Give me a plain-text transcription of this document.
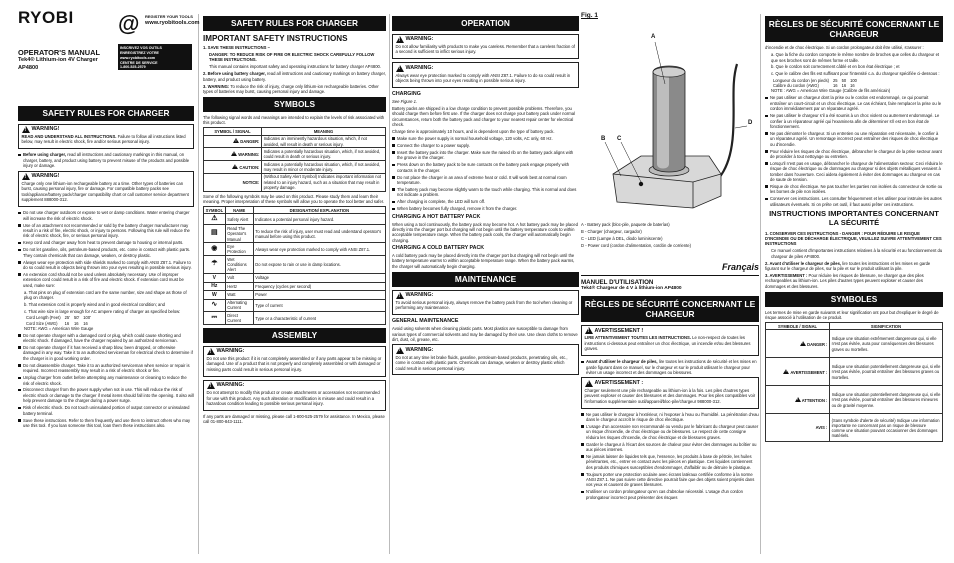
RYOBI
OPERATOR'S MANUAL
Tek4® Lithium-ion 4V Charger
AP4800
@ REGISTER YOUR TOOLS
www.ryobitools.com
INSCRIVEZ VOS OUTILS
ENREGISTREZ VOTRE
www.ryobitools.com
CENTRE DE SERVICE
1-800-525-2579
SAFETY RULES FOR CHARGER
!
WARNING!

READ AND UNDERSTAND ALL INSTRUCTIONS. Failure to follow all instructions listed below, may result in electric shock, fire and/or serious personal injury.

Before using charger, read all instructions and cautionary markings in this manual, on charger, battery, and product using battery to prevent misuse of the products and possible injury or damage.

!
WARNING!

Charge only one lithium-ion rechargeable battery at a time. Other types of batteries can burst, causing personal injury, fire or damage. For compatible battery packs see tool/appliance/battery pack/charger compatibility chart or call customer service department supplement 888000-312.

Do not use charger outdoors or expose to wet or damp conditions. Water entering charger will increase the risk of electric shock.

Use of an attachment not recommended or sold by the battery charger manufacturer may result in a risk of fire, electric shock, or injury to persons. Following this rule will reduce the risk of electric shock, fire, or serious personal injury.

Keep cord and charger away from heat to prevent damage to housing or internal parts.

Do not let gasoline, oils, petroleum-based products, etc. come in contact with plastic parts. They contain chemicals that can damage, weaken, or destroy plastic.

Always wear eye protection with side shields marked to comply with ANSI Z87.1. Failure to do so could result in objects being thrown into your eyes resulting in possible serious injury.

An extension cord should not be used unless absolutely necessary. Use of improper extension cord could result in a risk of fire and electric shock. If extension cord must be used, make sure:

a. That pins on plug of extension cord are the same number, size and shape as those of plug on charger.

b. That extension cord is properly wired and in good electrical condition; and

c. That wire size is large enough for AC ampere rating of charger as specified below:

Cord Length (Feet)	25'	50'	100'
Cord Size (AWG)	16	16	16

NOTE: AWG = American Wire Gauge

Do not operate charger with a damaged cord or plug, which could cause shorting and electric shock. If damaged, have the charger repaired by an authorized serviceman.

Do not operate charger if it has received a sharp blow, been dropped, or otherwise damaged in any way. Take it to an authorized serviceman for electrical check to determine if the charger is in good working order.

Do not disassemble charger. Take it to an authorized serviceman when service or repair is required. Incorrect reassembly may result in a risk of electric shock or fire.

Unplug charger from outlet before attempting any maintenance or cleaning to reduce the risk of electric shock.

Disconnect charger from the power supply when not in use. This will reduce the risk of electric shock or damage to the charger if metal items should fall into the opening. It also will help prevent damage to the charger during a power surge.

Risk of electric shock. Do not touch uninsulated portion of output connector or uninsulated battery terminal.

Save these instructions. Refer to them frequently and use them to instruct others who may use this tool. If you loan someone this tool, loan them these instructions also.

SAFETY RULES FOR CHARGER
IMPORTANT SAFETY INSTRUCTIONS

1. SAVE THESE INSTRUCTIONS –

DANGER: TO REDUCE RISK OF FIRE OR ELECTRIC SHOCK CAREFULLY FOLLOW THESE INSTRUCTIONS.

This manual contains important safety and operating instructions for battery charger AP4800.

2. Before using battery charger, read all instructions and cautionary markings on battery charger, battery, and product using battery.

3. WARNING: To reduce the risk of injury, charge only lithium-ion rechargeable batteries. Other types of batteries may burst, causing personal injury and damage.

SYMBOLS

The following signal words and meanings are intended to explain the levels of risk associated with this product.

SYMBOL / SIGNAL	MEANING
! DANGER:	Indicates an imminently hazardous situation, which, if not avoided, will result in death or serious injury.
! WARNING:	Indicates a potentially hazardous situation, which, if not avoided, could result in death or serious injury.
! CAUTION:	Indicates a potentially hazardous situation, which, if not avoided, may result in minor or moderate injury.
NOTICE:	(Without Safety Alert Symbol) Indicates important information not related to an injury hazard, such as a situation that may result in property damage.

Some of the following symbols may be used on this product. Please study them and learn their meaning. Proper interpretation of these symbols will allow you to operate the tool better and safer.

SYMBOL	NAME	DESIGNATION/ EXPLANATION
⚠	Safety Alert	Indicates a potential personal injury hazard.
▤	Read The Operator's Manual	To reduce the risk of injury, user must read and understand operator's manual before using this product.
◉	Eye Protection	Always wear eye protection marked to comply with ANSI Z87.1.
☂	Wet Conditions Alert	Do not expose to rain or use in damp locations.
V	Volt	Voltage
Hz	Hertz	Frequency (cycles per second)
W	Watt	Power
∿	Alternating Current	Type of current
⎓	Direct Current	Type or a characteristic of current
ASSEMBLY
!
WARNING:

Do not use this product if it is not completely assembled or if any parts appear to be missing or damaged. Use of a product that is not properly and completely assembled or with damaged or missing parts could result in serious personal injury.

!
WARNING:

Do not attempt to modify this product or create attachments or accessories not recommended for use with this product. Any such alteration or modification is misuse and could result in a hazardous condition leading to possible serious personal injury.

If any parts are damaged or missing, please call 1-800-525-2579 for assistance. In Mexico, please call 01-800-843-1111.

OPERATION
!
WARNING:

Do not allow familiarity with products to make you careless. Remember that a careless fraction of a second is sufficient to inflict serious injury.

!
WARNING:

Always wear eye protection marked to comply with ANSI Z87.1. Failure to do so could result in objects being thrown into your eyes resulting in possible serious injury.

CHARGING

See Figure 1.

Battery packs are shipped in a low charge condition to prevent possible problems. Therefore, you should charge them before first use. If the charger does not charge your battery pack under normal circumstances, return both the battery pack and charger to your nearest repair center for electrical check.

Charge time is approximately 10 hours, and is dependent upon the type of battery pack.

Make sure the power supply is normal household voltage, 120 volts, AC only, 60 Hz.

Connect the charger to a power supply.

Insert the battery pack into the charger. Make sure the raised rib on the battery pack aligns with the groove in the charger.

Press down on the battery pack to be sure contacts on the battery pack engage properly with contacts in the charger.

Do not place the charger in an area of extreme heat or cold. It will work best at normal room temperature.

The battery pack may become slightly warm to the touch while charging. This is normal and does not indicate a problem.

After charging is complete, the LED will turn off.

When battery becomes fully charged, remove it from the charger.

CHARGING A HOT BATTERY PACK

When using a tool continuously, the battery pack may become hot. A hot battery pack may be placed directly into the charger port but charging will not begin until the battery temperature cools to within acceptable temperature range. When the battery pack cools, the charger will automatically begin charging.

CHARGING A COLD BATTERY PACK

A cold battery pack may be placed directly into the charger port but charging will not begin until the battery temperature warms to within acceptable temperature range. When the battery pack warms, the charger will automatically begin charging.

MAINTENANCE
!
WARNING:

To avoid serious personal injury, always remove the battery pack from the tool when cleaning or performing any maintenance.

GENERAL MAINTENANCE

Avoid using solvents when cleaning plastic parts. Most plastics are susceptible to damage from various types of commercial solvents and may be damaged by their use. Use clean cloths to remove dirt, dust, oil, grease, etc.

!
WARNING:

Do not at any time let brake fluids, gasoline, petroleum-based products, penetrating oils, etc., come in contact with plastic parts. Chemicals can damage, weaken or destroy plastic which could result in serious personal injury.

Fig. 1
A
B C
D

A - Battery pack (bloc-pile, paquete de baterías)

B - Charger (chargeur, cargador)

C - LED (Lampe à DEL, diodo luminiscente)

D - Power cord (cordon d'alimentation, cordón de corriente)

Français
MANUEL D'UTILISATION
Tek4® Chargeur de 4 V à lithium-ion AP4800
RÈGLES DE SÉCURITÉ CONCERNANT LE CHARGEUR
!
AVERTISSEMENT !

LIRE ATTENTIVEMENT TOUTES LES INSTRUCTIONS. Le non-respect de toutes les instructions ci-dessous peut entraîner un choc électrique, un incendie et/ou des blessures graves.

Avant d'utiliser le chargeur de piles, lire toutes les instructions de sécurité et les mises en garde figurant dans ce manuel, sur le chargeur et sur le produit utilisant le chargeur pour éviter un usage incorrect et des dommages ou blessures.

!
AVERTISSEMENT :

Charger seulement une pile rechargeable au lithium-ion à la fois. Les piles d'autres types peuvent exploser et causer des blessures et des dommages. Pour les piles compatibles voir l'information supplémentaire outil/appareil/bloc-pile/chargeur 988000-312.

Ne pas utiliser le chargeur à l'extérieur, ni l'exposer à l'eau ou l'humidité. La pénétration d'eau dans le chargeur accroît le risque de choc électrique.

L'usage d'un accessoire non recommandé ou vendu par le fabricant du chargeur peut causer un risque d'incendie, de choc électrique ou de blessures. Le respect de cette consigne réduira les risques d'incendie, de choc électrique et de blessures graves.

Garder le chargeur à l'écart des sources de chaleur pour éviter des dommages au boîtier ou aux pièces internes.

Ne jamais laisser de liquides tels que, l'essence, les produits à base de pétrole, les huiles pénétrantes, etc., entrer en contact avec les pièces en plastique. Ces liquides contiennent des produits chimiques susceptibles d'endommager, d'affaiblir ou de détruire le plastique.

Toujours porter une protection oculaire avec écrans latéraux certifiée conforme à la norme ANSI Z87.1. Ne pas suivre cette directive pourrait faire que des objets soient projetés dans vos yeux et causent de graves blessures.

N'utiliser un cordon prolongateur qu'en cas d'absolue nécessité. L'usage d'un cordon prolongateur incorrect peut présenter des risques

RÈGLES DE SÉCURITÉ CONCERNANT LE CHARGEUR

d'incendie et de choc électrique. Si un cordon prolongateur doit être utilisé, s'assurer :

a. Que la fiche du cordon comporte le même nombre de broches que celles du chargeur et que ses broches sont de mêmes forme et taille.

b. Que le cordon soit correctement câblé et en bon état électrique ; et

c. Que le calibre des fils est suffisant pour l'intensité c.a. du chargeur spécifiée ci-dessous :

Longueur du cordon (en pieds)	25	50	100
Calibre du cordon (AWG)	16	16	16

NOTE : AWG = American Wire Gauge (Calibre de fils américain)

Ne pas utiliser un chargeur dont la prise ou le cordon est endommagé, ce qui pourrait entraîner un court-circuit et un choc électrique. Le cas échéant, faire remplacer la prise ou le cordon immédiatement par un réparateur agréé.

Ne pas utiliser le chargeur s'il a été soumis à un choc violent ou autrement endommagé. Le confier à un réparateur agréé qui l'examinera afin de déterminer s'il est en bon état de fonctionnement.

Ne pas démonter le chargeur. Si un entretien ou une réparation est nécessaire, le confier à un réparateur agréé. Un remontage incorrect peut entraîner des risques de choc électrique ou d'incendie.

Pour réduire les risques de choc électrique, débrancher le chargeur de la prise secteur avant de procéder à tout nettoyage ou entretien.

Lorsqu'il n'est pas en usage, débrancher le chargeur de l'alimentation secteur. Ceci réduira le risque de choc électrique ou de dommages au chargeur si des objets métalliques venaient à tomber dans l'ouverture. Ceci aidera également à éviter des dommages au chargeur en cas de saute de tension.

Risque de choc électrique. Ne pas toucher les parties non isolées du connecteur de sortie ou les bornes de pile non isolées.

Conserver ces instructions. Les consulter fréquemment et les utiliser pour instruire les autres utilisateurs éventuels. Si on prête cet outil, il faut aussi prêter ces instructions.

INSTRUCTIONS IMPORTANTES CONCERNANT LA SÉCURITÉ

1. CONSERVER CES INSTRUCTIONS - DANGER : POUR RÉDUIRE LE RISQUE D'INCENDIE OU DE DÉCHARGE ÉLECTRIQUE, VEUILLEZ SUIVRE ATTENTIVEMENT CES INSTRUCTIONS

Ce manuel contient d'importantes instructions relatives à la sécurité et au fonctionnement du chargeur de piles AP4800.

2. Avant d'utiliser le chargeur de piles, lire toutes les instructions et les mises en garde figurant sur le chargeur de piles, sur la pile et sur le produit utilisant la pile.

3. AVERTISSEMENT : Pour réduire les risques de blessure, ne charger que des piles rechargeables au lithium-ion. Les piles d'autres types peuvent exploser et causer des dommages et des blessures.

SYMBOLES

Les termes de mise en garde suivants et leur signification ont pour but d'expliquer le degré de risque associé à l'utilisation de ce produit.

SYMBOLE / SIGNAL	SIGNIFICATION
! DANGER :	Indique une situation extrêmement dangereuse qui, si elle n'est pas évitée, aura pour conséquences des blessures graves ou mortelles.
! AVERTISSEMENT :	Indique une situation potentiellement dangereuse qui, si elle n'est pas évitée, pourrait entraîner des blessures graves ou mortelles.
! ATTENTION :	Indique une situation potentiellement dangereuse qui, si elle n'est pas évitée, pourrait entraîner des blessures mineures ou de gravité moyenne.
AVIS :	(Sans symbole d'alerte de sécurité) Indique une information importante ne concernant pas un risque de blessure comme une situation pouvant occasionner des dommages matériels.
